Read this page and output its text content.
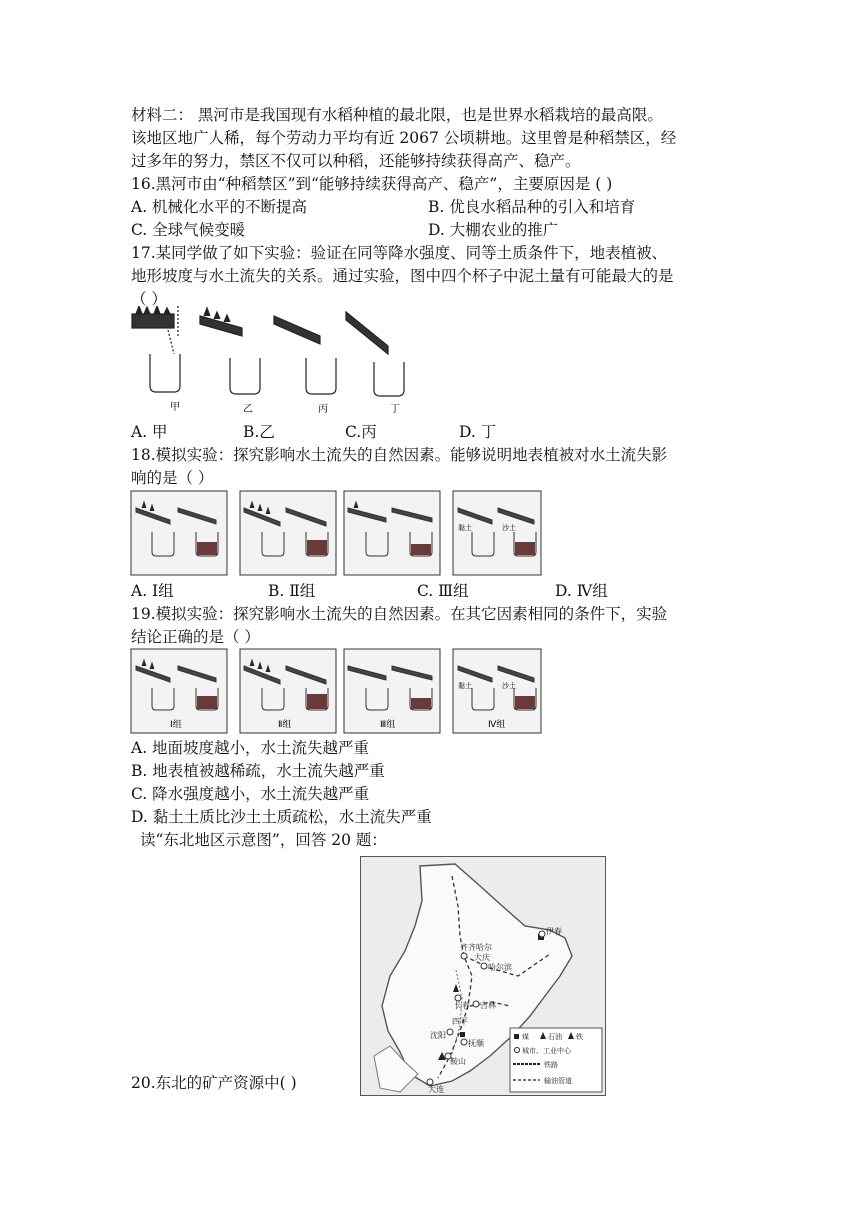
材料二： 黑河市是我国现有水稻种植的最北限，也是世界水稻栽培的最高限。
该地区地广人稀，每个劳动力平均有近 2067 公顷耕地。这里曾是种稻禁区，经
过多年的努力，禁区不仅可以种稻，还能够持续获得高产、稳产。
16.黑河市由“种稻禁区”到“能够持续获得高产、稳产”，主要原因是 ( )
A. 机械化水平的不断提高	B. 优良水稻品种的引入和培育
C. 全球气候变暖	D. 大棚农业的推广
17.某同学做了如下实验：验证在同等降水强度、同等土质条件下，地表植被、
地形坡度与水土流失的关系。通过实验，图中四个杯子中泥土量有可能最大的是
（ ）
甲	乙	丙	丁
A. 甲	B.乙	C.丙	D. 丁
18.模拟实验：探究影响水土流失的自然因素。能够说明地表植被对水土流失影
响的是（ ）
黏土	沙土
A. Ⅰ组	B. Ⅱ组	C. Ⅲ组	D. Ⅳ组
19.模拟实验：探究影响水土流失的自然因素。在其它因素相同的条件下，实验
结论正确的是（ ）
黏土	沙土
Ⅰ组	Ⅱ组	Ⅲ组	Ⅳ组
A. 地面坡度越小，水土流失越严重
B. 地表植被越稀疏，水土流失越严重
C. 降水强度越小，水土流失越严重
D. 黏土土质比沙土土质疏松，水土流失严重
读“东北地区示意图”，回答 20 题：
伊春
齐齐哈尔
大庆
哈尔滨
长春 吉林
四平
沈阳
抚顺
鞍山
大连
煤	石油 铁
城市、工业中心
铁路
输油管道
20.东北的矿产资源中( )
